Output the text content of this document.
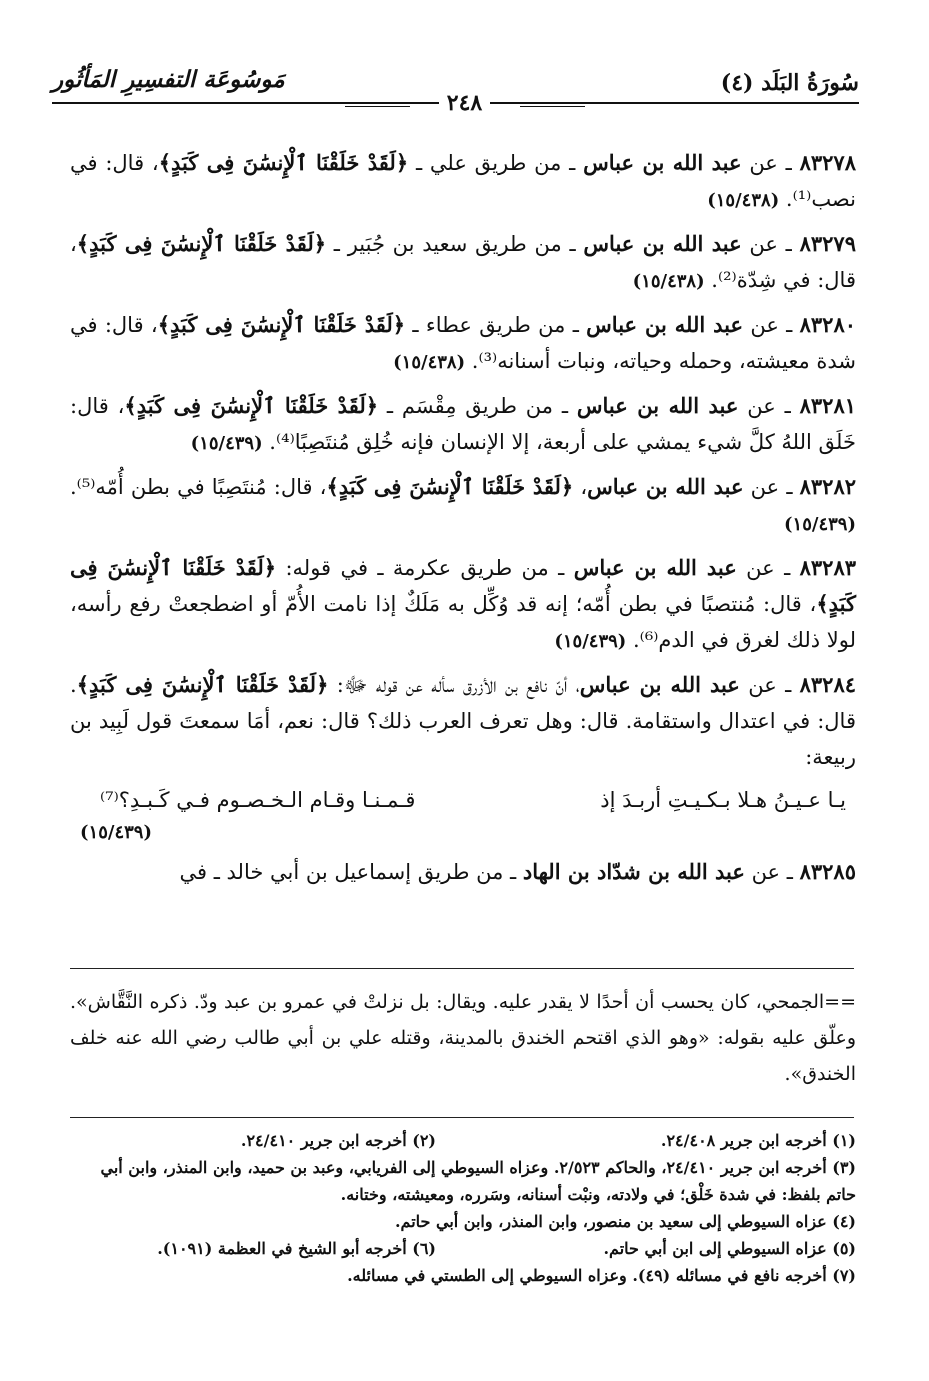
سُورَةُ البَلَد (٤)
مَوسُوعَة التفسِيرِ المَأثُور
٢٤٨
٨٣٢٧٨ ـ عن عبد الله بن عباس ـ من طريق علي ـ ﴿لَقَدْ خَلَقْنَا ٱلْإِنسَٰنَ فِى كَبَدٍ﴾، قال: في نصب⁽¹⁾. (١٥/٤٣٨)
٨٣٢٧٩ ـ عن عبد الله بن عباس ـ من طريق سعيد بن جُبَير ـ ﴿لَقَدْ خَلَقْنَا ٱلْإِنسَٰنَ فِى كَبَدٍ﴾، قال: في شِدّة⁽²⁾. (١٥/٤٣٨)
٨٣٢٨٠ ـ عن عبد الله بن عباس ـ من طريق عطاء ـ ﴿لَقَدْ خَلَقْنَا ٱلْإِنسَٰنَ فِى كَبَدٍ﴾، قال: في شدة معيشته، وحمله وحياته، ونبات أسنانه⁽³⁾. (١٥/٤٣٨)
٨٣٢٨١ ـ عن عبد الله بن عباس ـ من طريق مِقْسَم ـ ﴿لَقَدْ خَلَقْنَا ٱلْإِنسَٰنَ فِى كَبَدٍ﴾، قال: خَلَق اللهُ كلَّ شيء يمشي على أربعة، إلا الإنسان فإنه خُلِق مُنتَصِبًا⁽⁴⁾. (١٥/٤٣٩)
٨٣٢٨٢ ـ عن عبد الله بن عباس، ﴿لَقَدْ خَلَقْنَا ٱلْإِنسَٰنَ فِى كَبَدٍ﴾، قال: مُنتَصِبًا في بطن أُمّه⁽⁵⁾. (١٥/٤٣٩)
٨٣٢٨٣ ـ عن عبد الله بن عباس ـ من طريق عكرمة ـ في قوله: ﴿لَقَدْ خَلَقْنَا ٱلْإِنسَٰنَ فِى كَبَدٍ﴾، قال: مُنتصبًا في بطن أُمّه؛ إنه قد وُكِّل به مَلَكٌ إذا نامت الأُمّ أو اضطجعتْ رفع رأسه، لولا ذلك لغرق في الدم⁽⁶⁾. (١٥/٤٣٩)
٨٣٢٨٤ ـ عن عبد الله بن عباس، أنّ نافع بن الأزرق سأله عن قوله ﷻ: ﴿لَقَدْ خَلَقْنَا ٱلْإِنسَٰنَ فِى كَبَدٍ﴾. قال: في اعتدال واستقامة. قال: وهل تعرف العرب ذلك؟ قال: نعم، أمَا سمعتَ قول لَبِيد بن ربيعة:
يـا عـيـنُ هـلا بـكـيـتِ أربـدَ إذ
قـمـنـا وقـام الـخـصـوم فـي كَـبـدِ؟⁽⁷⁾
(١٥/٤٣٩)
٨٣٢٨٥ ـ عن عبد الله بن شدّاد بن الهاد ـ من طريق إسماعيل بن أبي خالد ـ في
==الجمحي، كان يحسب أن أحدًا لا يقدر عليه. ويقال: بل نزلتْ في عمرو بن عبد ودّ. ذكره النَّقَّاش». وعلّق عليه بقوله: «وهو الذي اقتحم الخندق بالمدينة، وقتله علي بن أبي طالب رضي الله عنه خلف الخندق».
(١) أخرجه ابن جرير ٢٤/٤٠٨.
(٢) أخرجه ابن جرير ٢٤/٤١٠.
(٣) أخرجه ابن جرير ٢٤/٤١٠، والحاكم ٢/٥٢٣. وعزاه السيوطي إلى الفريابي، وعبد بن حميد، وابن المنذر، وابن أبي حاتم بلفظ: في شدة خَلْق؛ في ولادته، ونبْت أسنانه، وسَرره، ومعيشته، وختانه.
(٤) عزاه السيوطي إلى سعيد بن منصور، وابن المنذر، وابن أبي حاتم.
(٥) عزاه السيوطي إلى ابن أبي حاتم.
(٦) أخرجه أبو الشيخ في العظمة (١٠٩١).
(٧) أخرجه نافع في مسائله (٤٩). وعزاه السيوطي إلى الطستي في مسائله.
